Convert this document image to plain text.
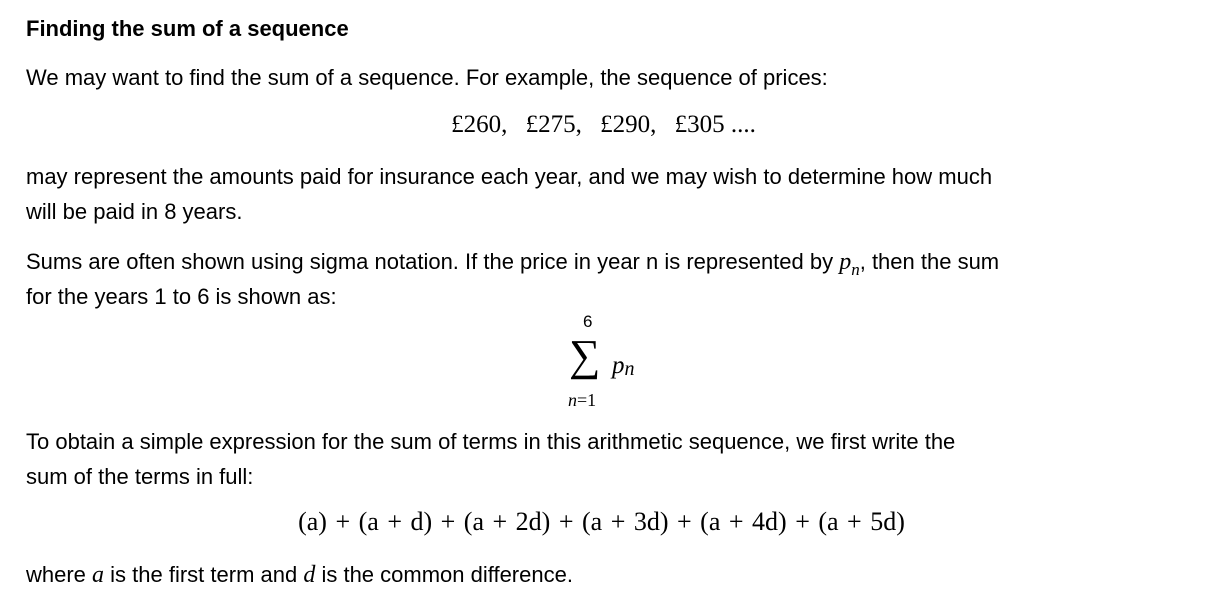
Finding the sum of a sequence
We may want to find the sum of a sequence. For example, the sequence of prices:
£260, £275, £290, £305 ....
may represent the amounts paid for insurance each year, and we may wish to determine how much
will be paid in 8 years.
Sums are often shown using sigma notation. If the price in year n is represented by $p_n$, then the sum
for the years 1 to 6 is shown as:
6
∑ pn
n=1
To obtain a simple expression for the sum of terms in this arithmetic sequence, we first write the
sum of the terms in full:
(a) + (a + d) + (a + 2d) + (a + 3d) + (a + 4d) + (a + 5d)
where a is the first term and d is the common difference.
